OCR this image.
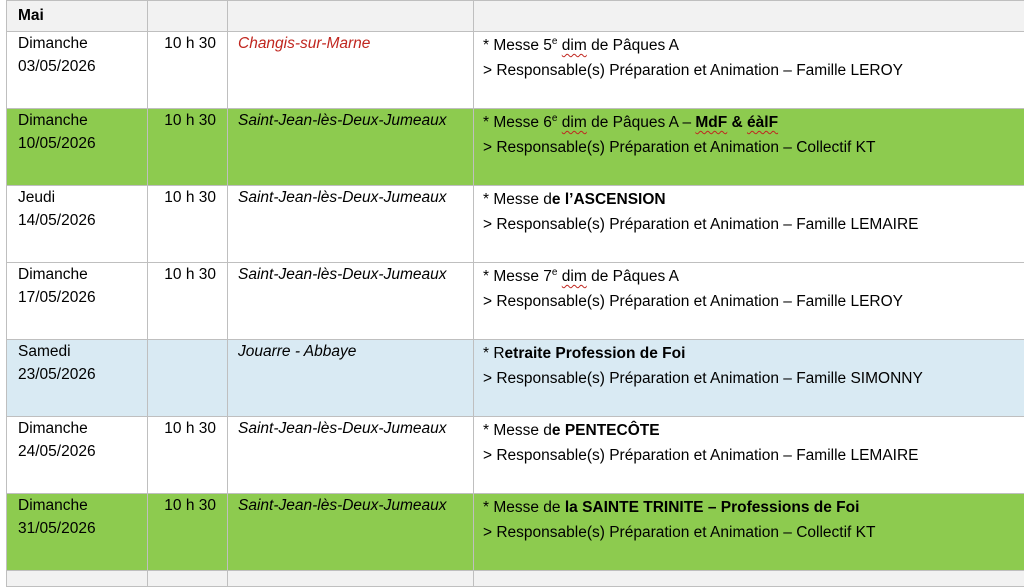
Mai			
Dimanche
03/05/2026	10 h 30	Changis-sur-Marne	* Messe 5e dim de Pâques A
> Responsable(s) Préparation et Animation – Famille LEROY

Dimanche
10/05/2026	10 h 30	Saint-Jean-lès-Deux-Jumeaux	* Messe 6e dim de Pâques A – MdF & éàlF
> Responsable(s) Préparation et Animation – Collectif KT

Jeudi
14/05/2026	10 h 30	Saint-Jean-lès-Deux-Jumeaux	* Messe de l’ASCENSION
> Responsable(s) Préparation et Animation – Famille LEMAIRE

Dimanche
17/05/2026	10 h 30	Saint-Jean-lès-Deux-Jumeaux	* Messe 7e dim de Pâques A
> Responsable(s) Préparation et Animation – Famille LEROY

Samedi
23/05/2026		Jouarre - Abbaye	* Retraite Profession de Foi
> Responsable(s) Préparation et Animation – Famille SIMONNY

Dimanche
24/05/2026	10 h 30	Saint-Jean-lès-Deux-Jumeaux	* Messe de PENTECÔTE
> Responsable(s) Préparation et Animation – Famille LEMAIRE

Dimanche
31/05/2026	10 h 30	Saint-Jean-lès-Deux-Jumeaux	* Messe de la SAINTE TRINITE – Professions de Foi
> Responsable(s) Préparation et Animation – Collectif KT
